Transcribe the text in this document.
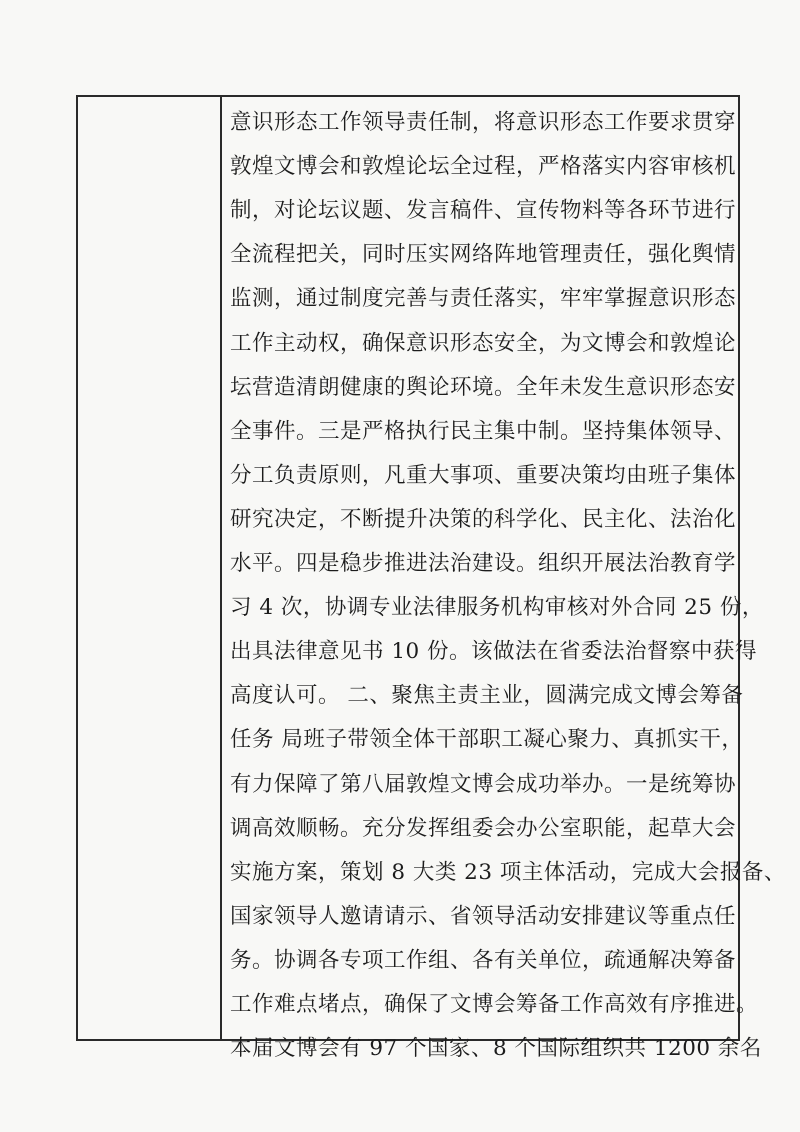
意识形态工作领导责任制，将意识形态工作要求贯穿
敦煌文博会和敦煌论坛全过程，严格落实内容审核机
制，对论坛议题、发言稿件、宣传物料等各环节进行
全流程把关，同时压实网络阵地管理责任，强化舆情
监测，通过制度完善与责任落实，牢牢掌握意识形态
工作主动权，确保意识形态安全，为文博会和敦煌论
坛营造清朗健康的舆论环境。全年未发生意识形态安
全事件。三是严格执行民主集中制。坚持集体领导、
分工负责原则，凡重大事项、重要决策均由班子集体
研究决定，不断提升决策的科学化、民主化、法治化
水平。四是稳步推进法治建设。组织开展法治教育学
习 4 次，协调专业法律服务机构审核对外合同 25 份，
出具法律意见书 10 份。该做法在省委法治督察中获得
高度认可。 二、聚焦主责主业，圆满完成文博会筹备
任务 局班子带领全体干部职工凝心聚力、真抓实干，
有力保障了第八届敦煌文博会成功举办。一是统筹协
调高效顺畅。充分发挥组委会办公室职能，起草大会
实施方案，策划 8 大类 23 项主体活动，完成大会报备、
国家领导人邀请请示、省领导活动安排建议等重点任
务。协调各专项工作组、各有关单位，疏通解决筹备
工作难点堵点，确保了文博会筹备工作高效有序推进。
本届文博会有 97 个国家、8 个国际组织共 1200 余名
